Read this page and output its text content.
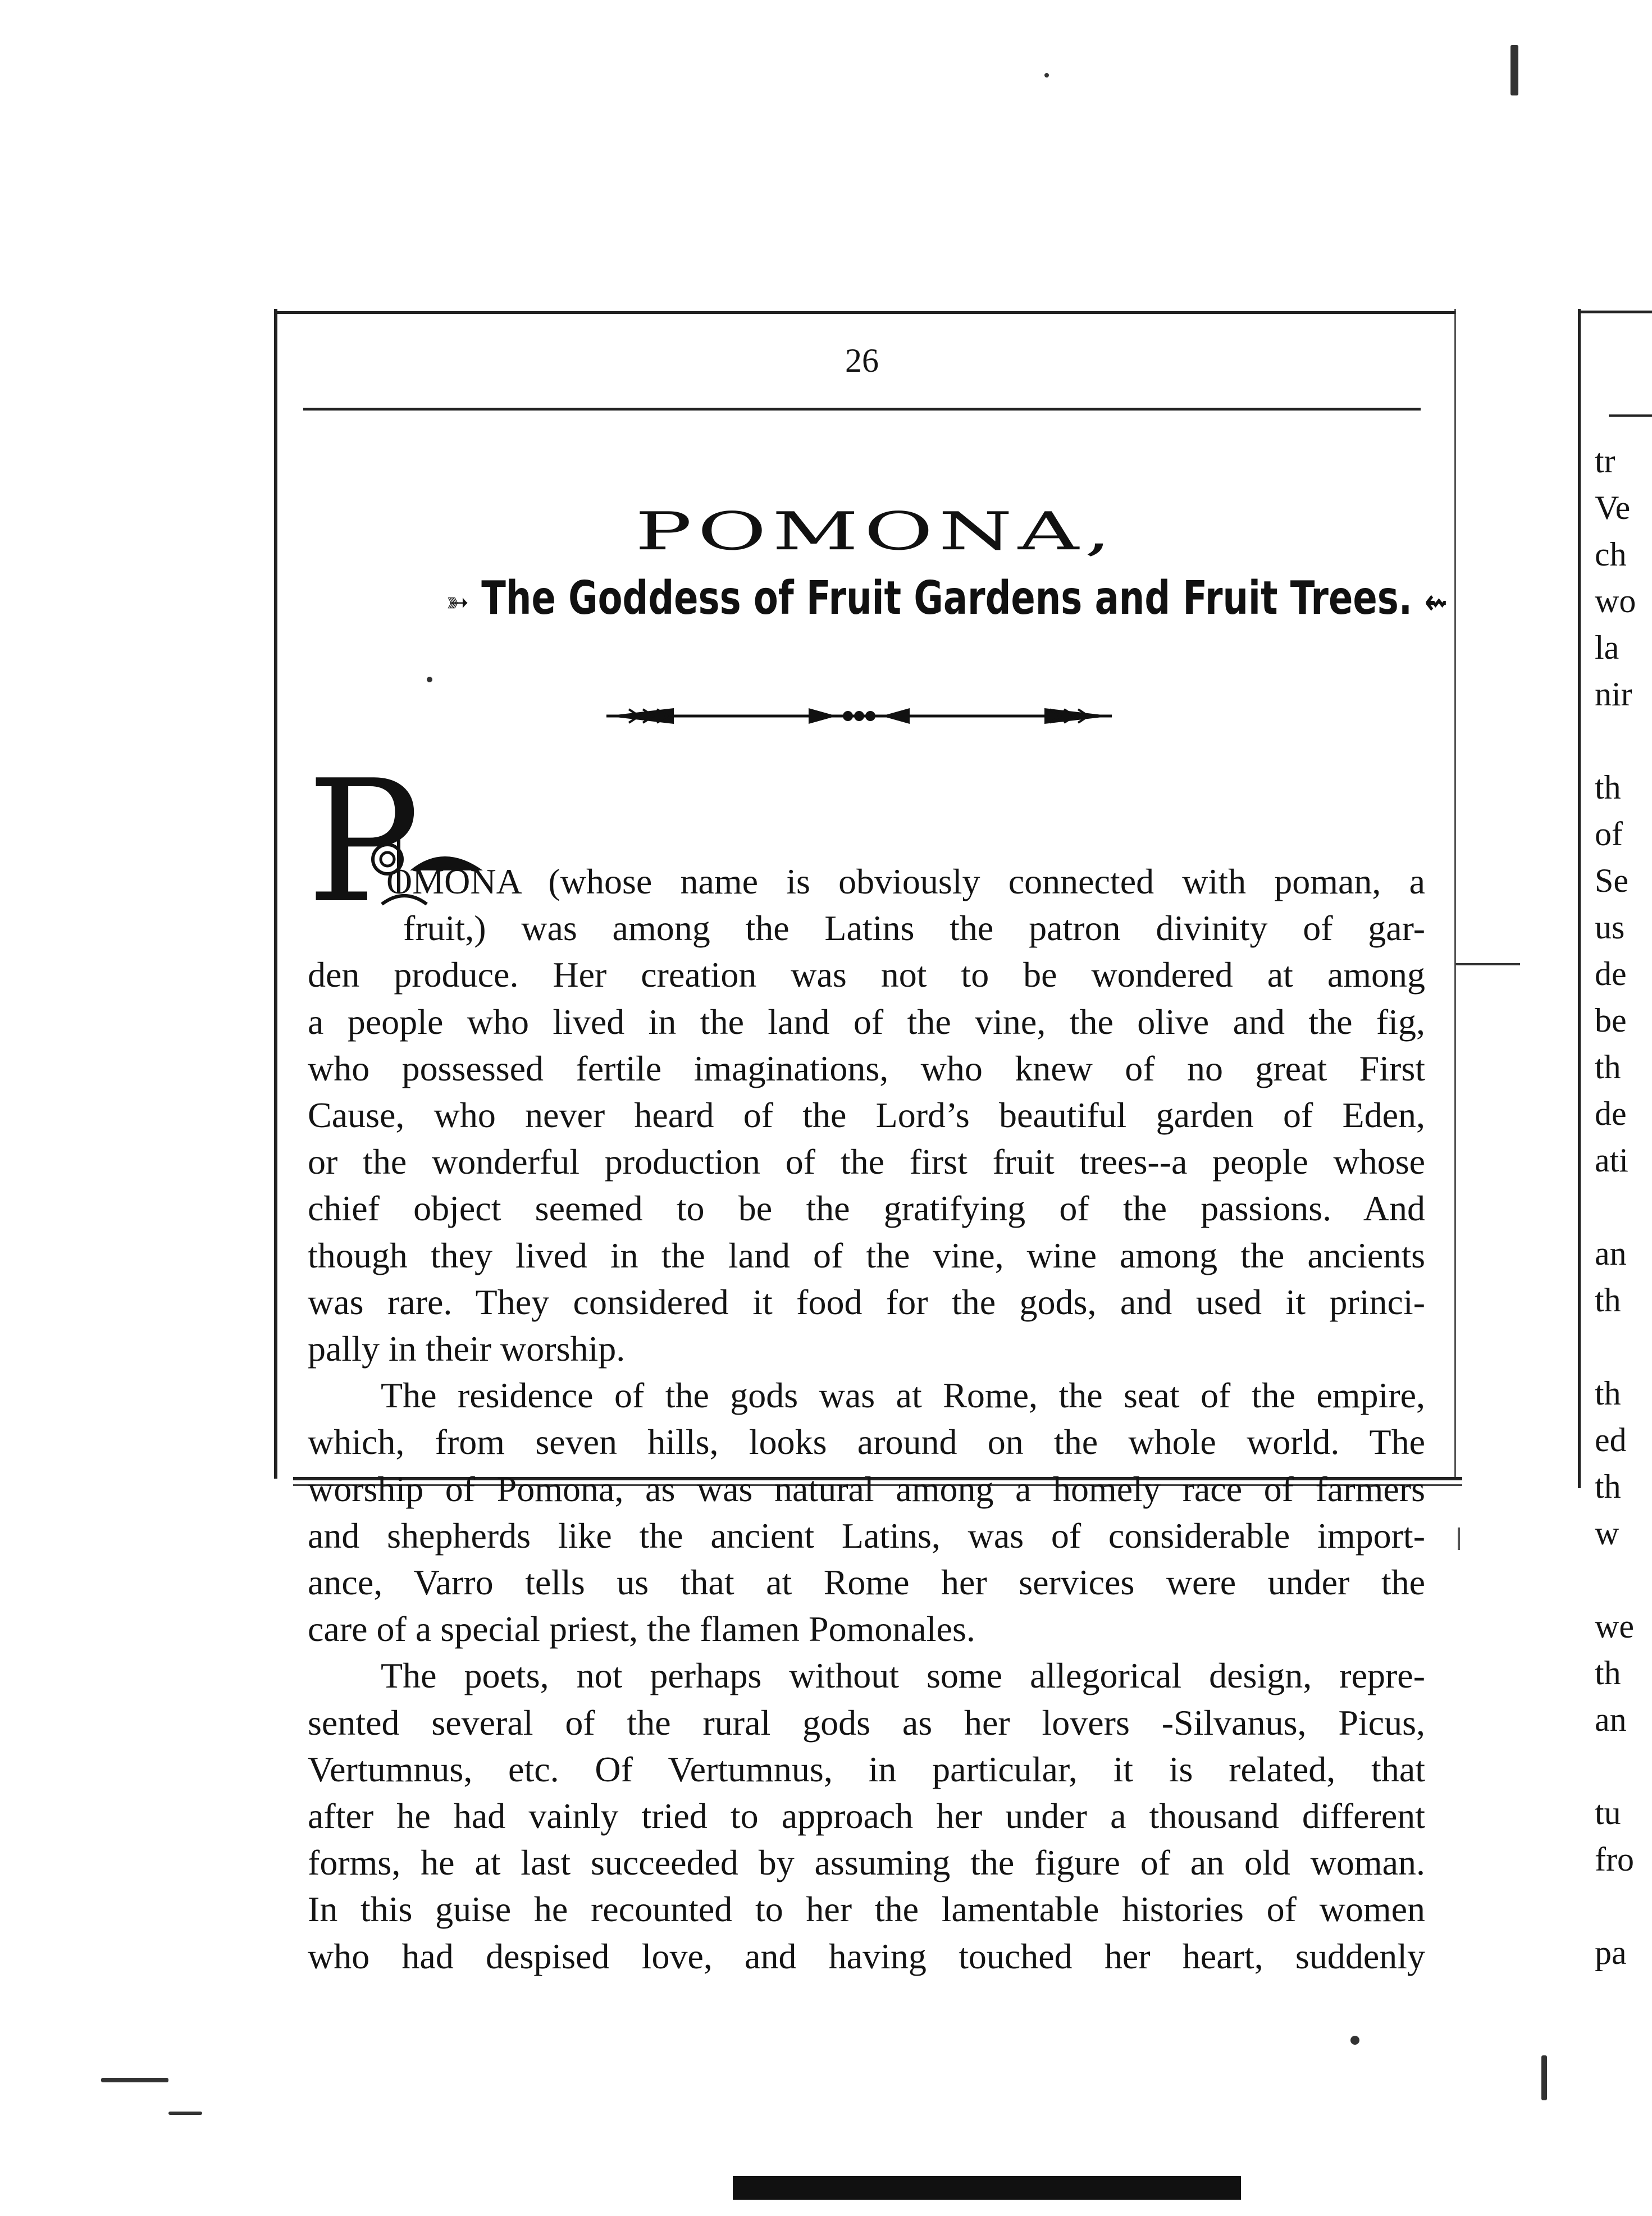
26
POMONA,
➳ The Goddess of Fruit Gardens and Fruit Trees. ⇜
P
OMONA (whose name is obviously connected with poman, a
fruit,) was among the Latins the patron divinity of gar-
den produce. Her creation was not to be wondered at among
a people who lived in the land of the vine, the olive and the fig,
who possessed fertile imaginations, who knew of no great First
Cause, who never heard of the Lord’s beautiful garden of Eden,
or the wonderful production of the first fruit trees--a people whose
chief object seemed to be the gratifying of the passions. And
though they lived in the land of the vine, wine among the ancients
was rare. They considered it food for the gods, and used it princi-
pally in their worship.
The residence of the gods was at Rome, the seat of the empire,
which, from seven hills, looks around on the whole world. The
worship of Pomona, as was natural among a homely race of farmers
and shepherds like the ancient Latins, was of considerable import-
ance, Varro tells us that at Rome her services were under the
care of a special priest, the flamen Pomonales.
The poets, not perhaps without some allegorical design, repre-
sented several of the rural gods as her lovers -Silvanus, Picus,
Vertumnus, etc. Of Vertumnus, in particular, it is related, that
after he had vainly tried to approach her under a thousand different
forms, he at last succeeded by assuming the figure of an old woman.
In this guise he recounted to her the lamentable histories of women
who had despised love, and having touched her heart, suddenly
tr
Ve
ch
wo
la
nir
th
of
Se
us
de
be
th
de
ati
an
th
th
ed
th
w
we
th
an
tu
fro
pa
